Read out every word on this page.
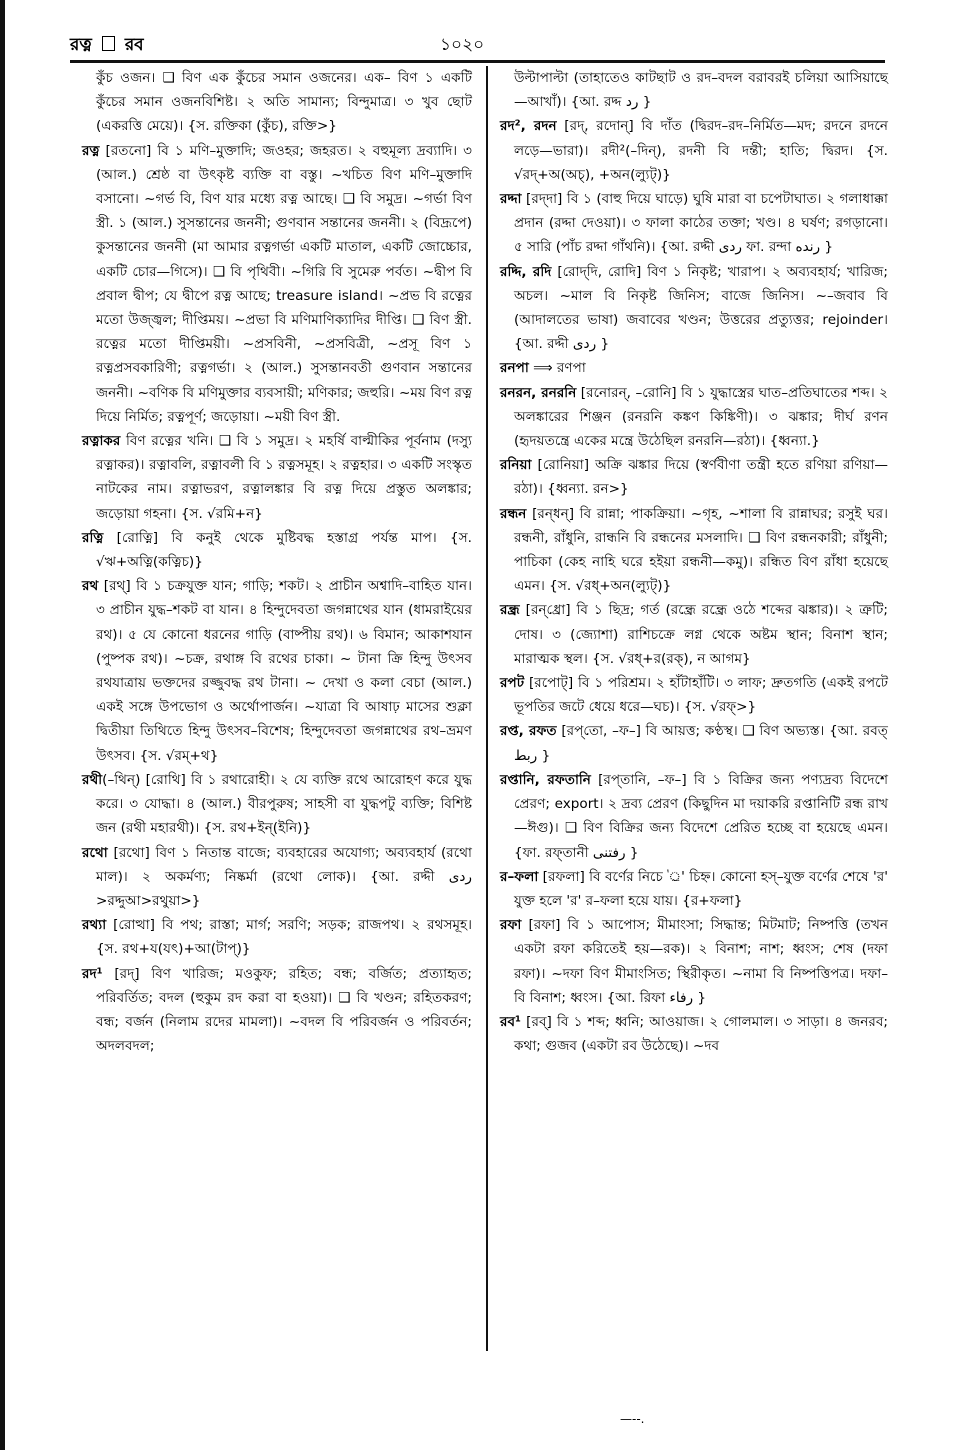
রত্ন রব	১০২০

কুঁচ ওজন। ❑ বিণ এক কুঁচের সমান ওজনের। এক– বিণ ১ একটি কুঁচের সমান ওজনবিশিষ্ট। ২ অতি সামান্য; বিন্দুমাত্র। ৩ খুব ছোট (একরত্তি মেয়ে)। {স. রক্তিকা (কুঁচ), রক্তি>}

রত্ন [রতনো] বি ১ মণি–মুক্তাদি; জওহর; জহরত। ২ বহুমূল্য দ্রব্যাদি। ৩ (আল.) শ্রেষ্ঠ বা উৎকৃষ্ট ব্যক্তি বা বস্তু। ~খচিত বিণ মণি–মুক্তাদি বসানো। ~গর্ভ বি, বিণ যার মধ্যে রত্ন আছে। ❑ বি সমুদ্র। ~গর্ভা বিণ স্ত্রী. ১ (আল.) সুসন্তানের জননী; গুণবান সন্তানের জননী। ২ (বিদ্রূপে) কুসন্তানের জননী (মা আমার রত্নগর্ভা একটি মাতাল, একটি জোচ্চোর, একটি চোর—গিসে)। ❑ বি পৃথিবী। ~গিরি বি সুমেরু পর্বত। ~দ্বীপ বি প্রবাল দ্বীপ; যে দ্বীপে রত্ন আছে; treasure island। ~প্রভ বি রত্নের মতো উজ্জ্বল; দীপ্তিময়। ~প্রভা বি মণিমাণিক্যাদির দীপ্তি। ❑ বিণ স্ত্রী. রত্নের মতো দীপ্তিময়ী। ~প্রসবিনী, ~প্রসবিত্রী, ~প্রসূ বিণ ১ রত্নপ্রসবকারিণী; রত্নগর্ভা। ২ (আল.) সুসন্তানবতী গুণবান সন্তানের জননী। ~বণিক বি মণিমুক্তার ব্যবসায়ী; মণিকার; জহুরি। ~ময় বিণ রত্ন দিয়ে নির্মিত; রত্নপূর্ণ; জড়োয়া। ~ময়ী বিণ স্ত্রী.

রত্নাকর বিণ রত্নের খনি। ❑ বি ১ সমুদ্র। ২ মহর্ষি বাল্মীকির পূর্বনাম (দস্যু রত্নাকর)। রত্নাবলি, রত্নাবলী বি ১ রত্নসমূহ। ২ রত্নহার। ৩ একটি সংস্কৃত নাটকের নাম। রত্নাভরণ, রত্নালঙ্কার বি রত্ন দিয়ে প্রস্তুত অলঙ্কার; জড়োয়া গহনা। {স. √রমি+ন}

রত্নি [রোত্নি] বি কনুই থেকে মুষ্টিবদ্ধ হস্তাগ্র পর্যন্ত মাপ। {স. √ঋ+অত্নি(কত্নিচ)}

রথ [রথ্] বি ১ চক্রযুক্ত যান; গাড়ি; শকট। ২ প্রাচীন অশ্বাদি–বাহিত যান। ৩ প্রাচীন যুদ্ধ–শকট বা যান। ৪ হিন্দুদেবতা জগন্নাথের যান (ধামরাইয়ের রথ)। ৫ যে কোনো ধরনের গাড়ি (বাষ্পীয় রথ)। ৬ বিমান; আকাশযান (পুষ্পক রথ)। ~চক্র, রথাঙ্গ বি রথের চাকা। ~ টানা ক্রি হিন্দু উৎসব রথযাত্রায় ভক্তদের রজ্জুবদ্ধ রথ টানা। ~ দেখা ও কলা বেচা (আল.) একই সঙ্গে উপভোগ ও অর্থোপার্জন। ~যাত্রা বি আষাঢ় মাসের শুক্লা দ্বিতীয়া তিথিতে হিন্দু উৎসব–বিশেষ; হিন্দুদেবতা জগন্নাথের রথ–ভ্রমণ উৎসব। {স. √রম্+থ}

রথী(–থিন্) [রোথি] বি ১ রথারোহী। ২ যে ব্যক্তি রথে আরোহণ করে যুদ্ধ করে। ৩ যোদ্ধা। ৪ (আল.) বীরপুরুষ; সাহসী বা যুদ্ধপটু ব্যক্তি; বিশিষ্ট জন (রথী মহারথী)। {স. রথ+ইন্(ইনি)}

রথো [রথো] বিণ ১ নিতান্ত বাজে; ব্যবহারের অযোগ্য; অব্যবহার্য (রথো মাল)। ২ অকর্মণ্য; নিষ্কর্মা (রথো লোক)। {আ. রদ্দী ردی >রদ্দুআ>রথুয়া>}

রথ্যা [রোত্থা] বি পথ; রাস্তা; মার্গ; সরণি; সড়ক; রাজপথ। ২ রথসমূহ। {স. রথ+য(যৎ)+আ(টাপ্)}

রদ¹ [রদ্] বিণ খারিজ; মওকুফ; রহিত; বন্ধ; বর্জিত; প্রত্যাহৃত; পরিবর্তিত; বদল (হুকুম রদ করা বা হওয়া)। ❑ বি খণ্ডন; রহিতকরণ; বন্ধ; বর্জন (নিলাম রদের মামলা)। ~বদল বি পরিবর্জন ও পরিবর্তন; অদলবদল;

উল্টাপাল্টা (তাহাতেও কাটছাট ও রদ–বদল বরাবরই চলিয়া আসিয়াছে—আখাঁ)। {আ. রদ্দ رد }

রদ², রদন [রদ্, রদোন্] বি দাঁত (দ্বিরদ–রদ–নির্মিত—মদ; রদনে রদনে লড়ে—ভারা)। রদী²(–দিন্), রদনী বি দন্তী; হাতি; দ্বিরদ। {স. √রদ্+অ(অচ্), +অন(ল্যুট্)}

রদ্দা [রদ্‌দা] বি ১ (বাহু দিয়ে ঘাড়ে) ঘুষি মারা বা চপেটাঘাত। ২ গলাধাক্কা প্রদান (রদ্দা দেওয়া)। ৩ ফালা কাঠের তক্তা; খণ্ড। ৪ ঘর্ষণ; রগড়ানো। ৫ সারি (পাঁচ রদ্দা গাঁথনি)। {আ. রদ্দী ردی ফা. রন্দা رنده }

রদ্দি, রদি [রোদ্‌দি, রোদি] বিণ ১ নিকৃষ্ট; খারাপ। ২ অব্যবহার্য; খারিজ; অচল। ~মাল বি নিকৃষ্ট জিনিস; বাজে জিনিস। ~–জবাব বি (আদালতের ভাষা) জবাবের খণ্ডন; উত্তরের প্রত্যুত্তর; rejoinder। {আ. রদ্দী ردی }

রনপা ⟹ রণপা

রনরন, রনরনি [রনোরন্, –রোনি] বি ১ যুদ্ধাস্ত্রের ঘাত–প্রতিঘাতের শব্দ। ২ অলঙ্কারের শিঞ্জন (রনরনি কঙ্কণ কিঙ্কিণী)। ৩ ঝঙ্কার; দীর্ঘ রণন (হৃদয়তন্ত্রে একের মন্ত্রে উঠেছিল রনরনি—রঠা)। {ধ্বন্যা.}

রনিয়া [রোনিয়া] অক্রি ঝঙ্কার দিয়ে (স্বর্ণবীণা তন্ত্রী হতে রণিয়া রণিয়া—রঠা)। {ধ্বন্যা. রন>}

রন্ধন [রন্‌ধন্] বি রান্না; পাকক্রিয়া। ~গৃহ, ~শালা বি রান্নাঘর; রসুই ঘর। রন্ধনী, রাঁধুনি, রান্ধনি বি রন্ধনের মসলাদি। ❑ বিণ রন্ধনকারী; রাঁধুনী; পাচিকা (কেহ নাহি ঘরে হইয়া রন্ধনী—কমু)। রন্ধিত বিণ রাঁধা হয়েছে এমন। {স. √রধ্+অন(ল্যুট্)}

রন্ধ্র [রন্‌ধ্রো] বি ১ ছিদ্র; গর্ত (রন্ধ্রে রন্ধ্রে ওঠে শব্দের ঝঙ্কার)। ২ ত্রুটি; দোষ। ৩ (জ্যোশা) রাশিচক্রে লগ্ন থেকে অষ্টম স্থান; বিনাশ স্থান; মারাত্মক স্থল। {স. √রধ্+র(রক্), ন আগম}

রপট [রপোট্] বি ১ পরিশ্রম। ২ হাঁটাহাঁটি। ৩ লাফ; দ্রুতগতি (একই রপটে ভূপতির জটে ধেয়ে ধরে—ঘচ)। {স. √রফ্>}

রপ্ত, রফত [রপ্‌তো, –ফ–] বি আয়ত্ত; কণ্ঠস্থ। ❑ বিণ অভ্যস্ত। {আ. রবত্ ربط }

রপ্তানি, রফতানি [রপ্‌তানি, –ফ–] বি ১ বিক্রির জন্য পণ্যদ্রব্য বিদেশে প্রেরণ; export। ২ দ্রব্য প্রেরণ (কিছুদিন মা দয়াকরি রপ্তানিটি রন্ধ রাখ—ঈগু)। ❑ বিণ বিক্রির জন্য বিদেশে প্রেরিত হচ্ছে বা হয়েছে এমন। {ফা. রফ্‌তানী رفتنی }

র–ফলা [রফলা] বি বর্ণের নিচে '্র' চিহ্ন। কোনো হস্‌–যুক্ত বর্ণের শেষে 'র' যুক্ত হলে 'র' র–ফলা হয়ে যায়। {র+ফলা}

রফা [রফা] বি ১ আপোস; মীমাংসা; সিদ্ধান্ত; মিটমাট; নিষ্পত্তি (তখন একটা রফা করিতেই হয়—রক)। ২ বিনাশ; নাশ; ধ্বংস; শেষ (দফা রফা)। ~দফা বিণ মীমাংসিত; স্থিরীকৃত। ~নামা বি নিষ্পত্তিপত্র। দফা– বি বিনাশ; ধ্বংস। {আ. রিফা رفاء }

রব¹ [রব্] বি ১ শব্দ; ধ্বনি; আওয়াজ। ২ গোলমাল। ৩ সাড়া। ৪ জনরব; কথা; গুজব (একটা রব উঠেছে)। ~দব

—--.
